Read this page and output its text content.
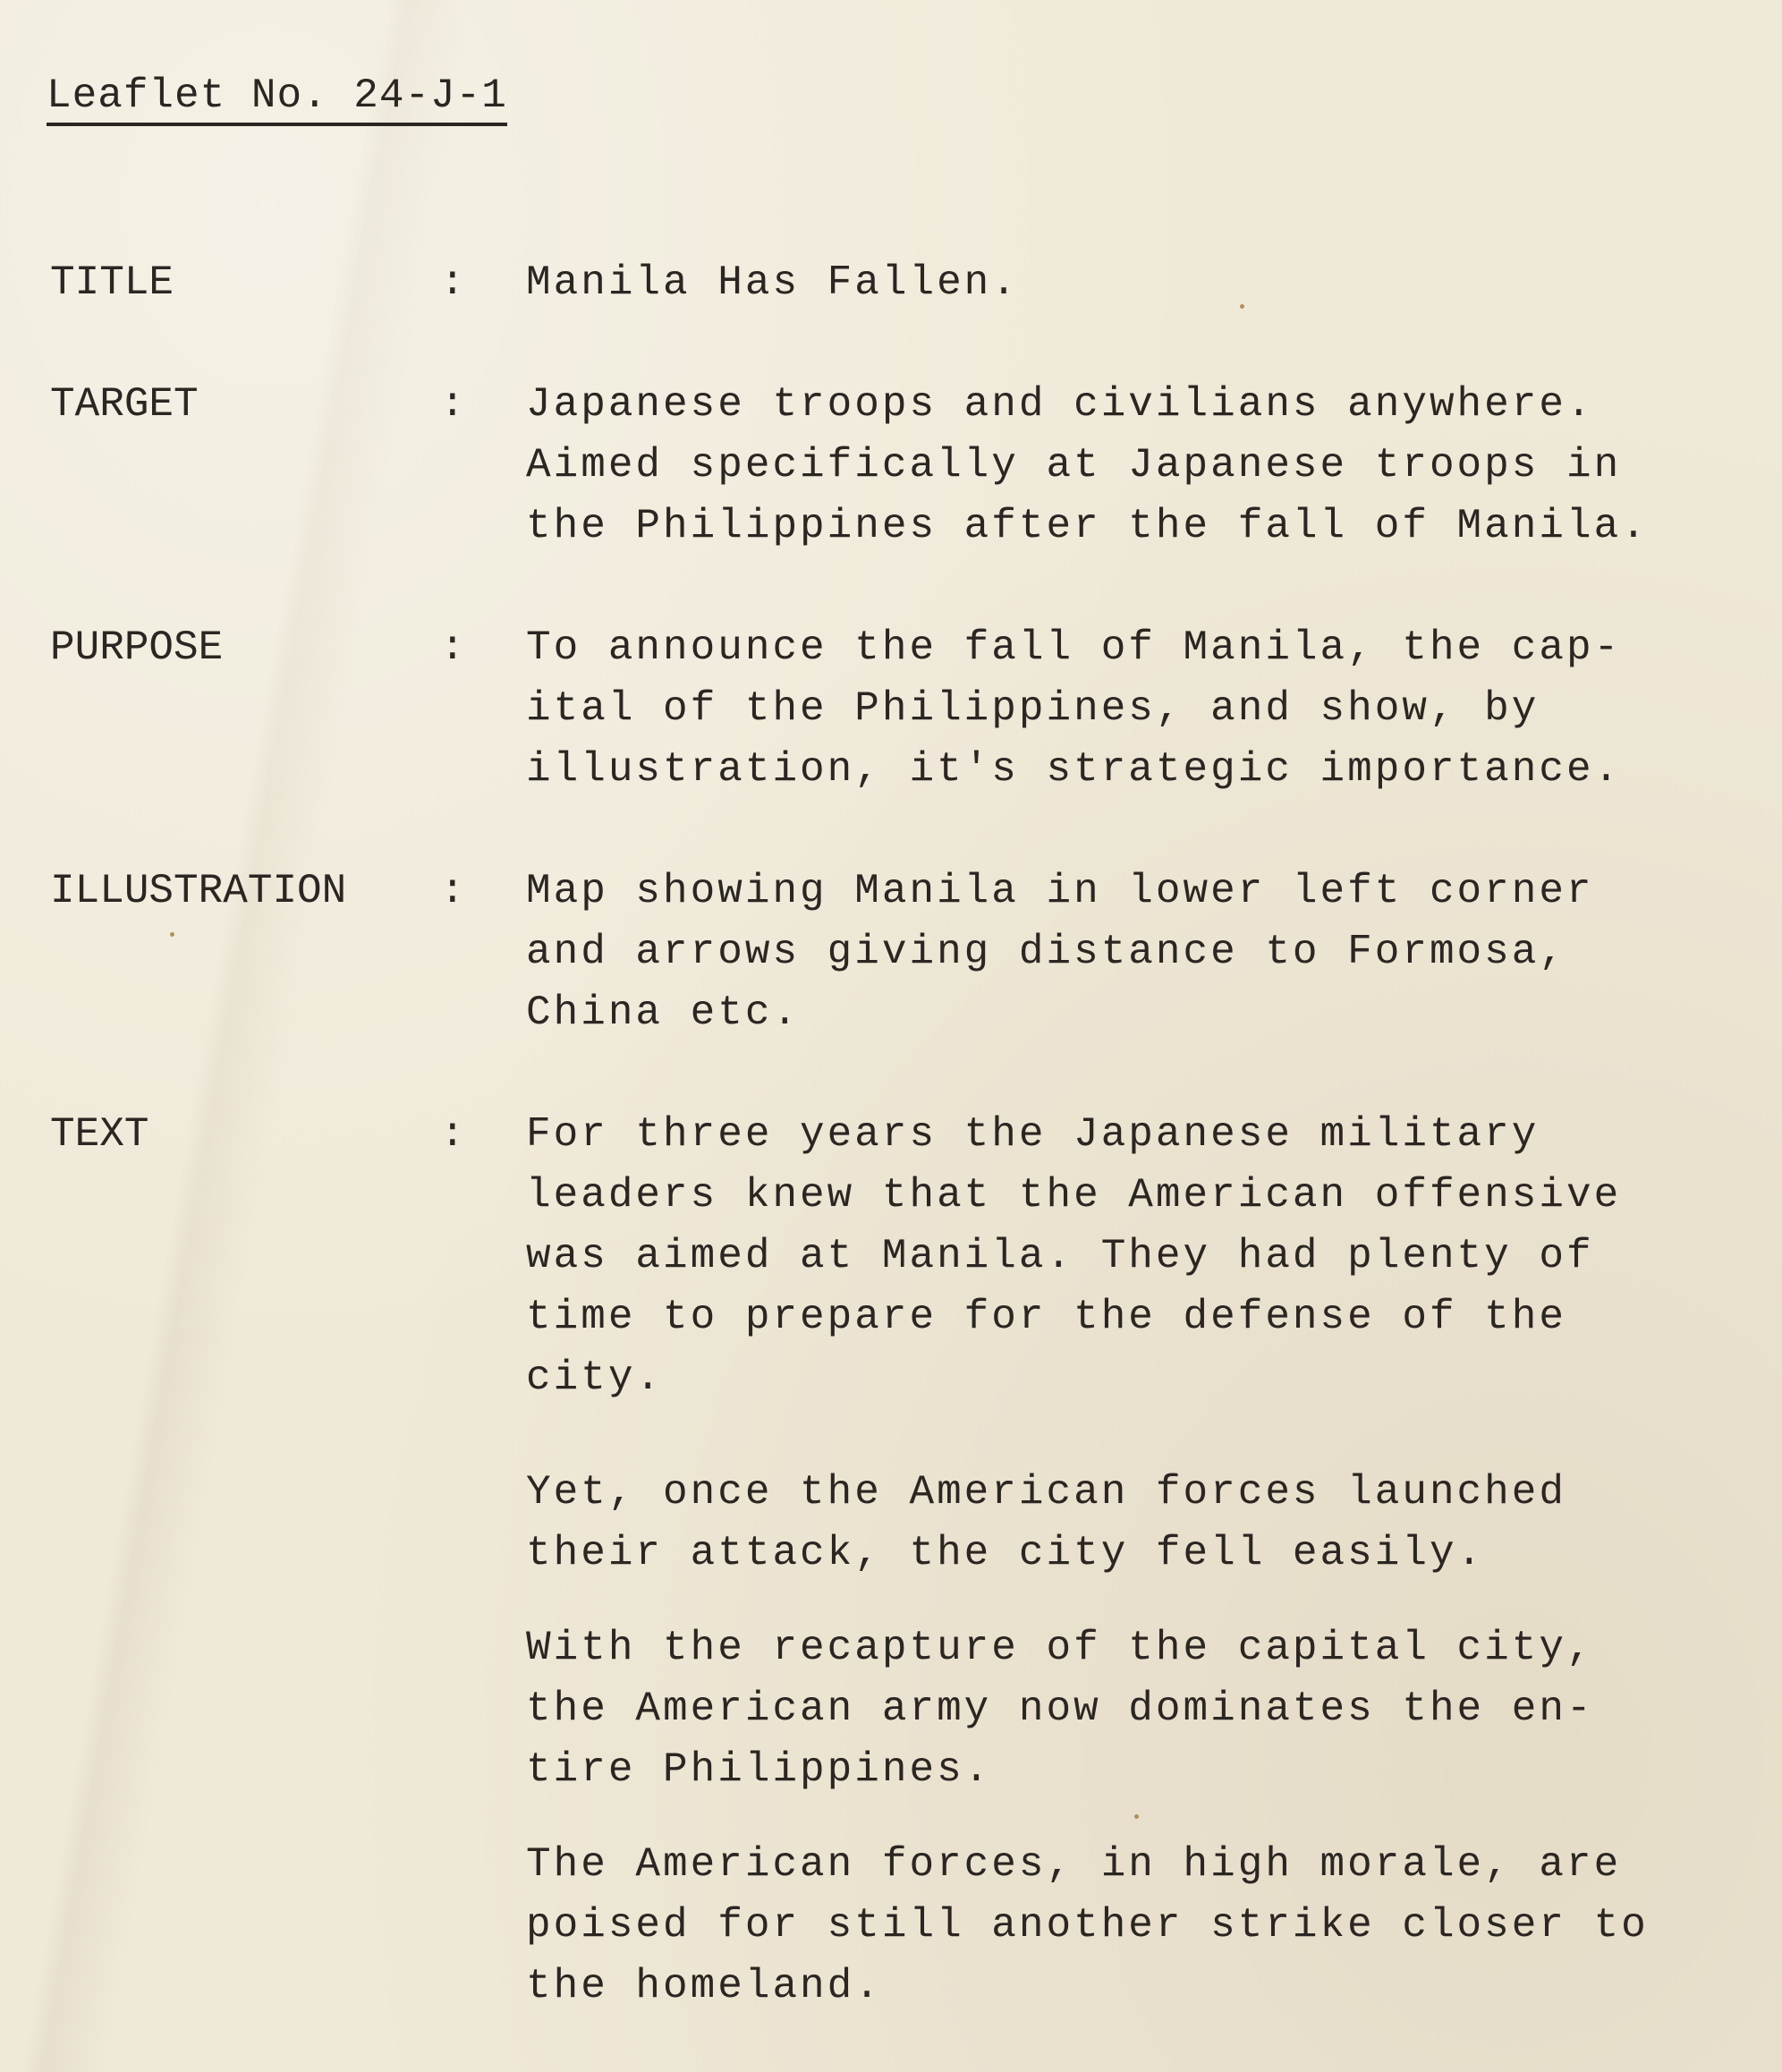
Leaflet No. 24-J-1
TITLE	: Manila Has Fallen.
TARGET	: Japanese troops and civilians anywhere.
Aimed specifically at Japanese troops in
the Philippines after the fall of Manila.
PURPOSE	: To announce the fall of Manila, the cap-
ital of the Philippines, and show, by
illustration, it's strategic importance.
ILLUSTRATION : Map showing Manila in lower left corner
and arrows giving distance to Formosa,
China etc.
TEXT	: For three years the Japanese military
leaders knew that the American offensive
was aimed at Manila. They had plenty of
time to prepare for the defense of the
city.

Yet, once the American forces launched
their attack, the city fell easily.

With the recapture of the capital city,
the American army now dominates the en-
tire Philippines.

The American forces, in high morale, are
poised for still another strike closer to
the homeland.
